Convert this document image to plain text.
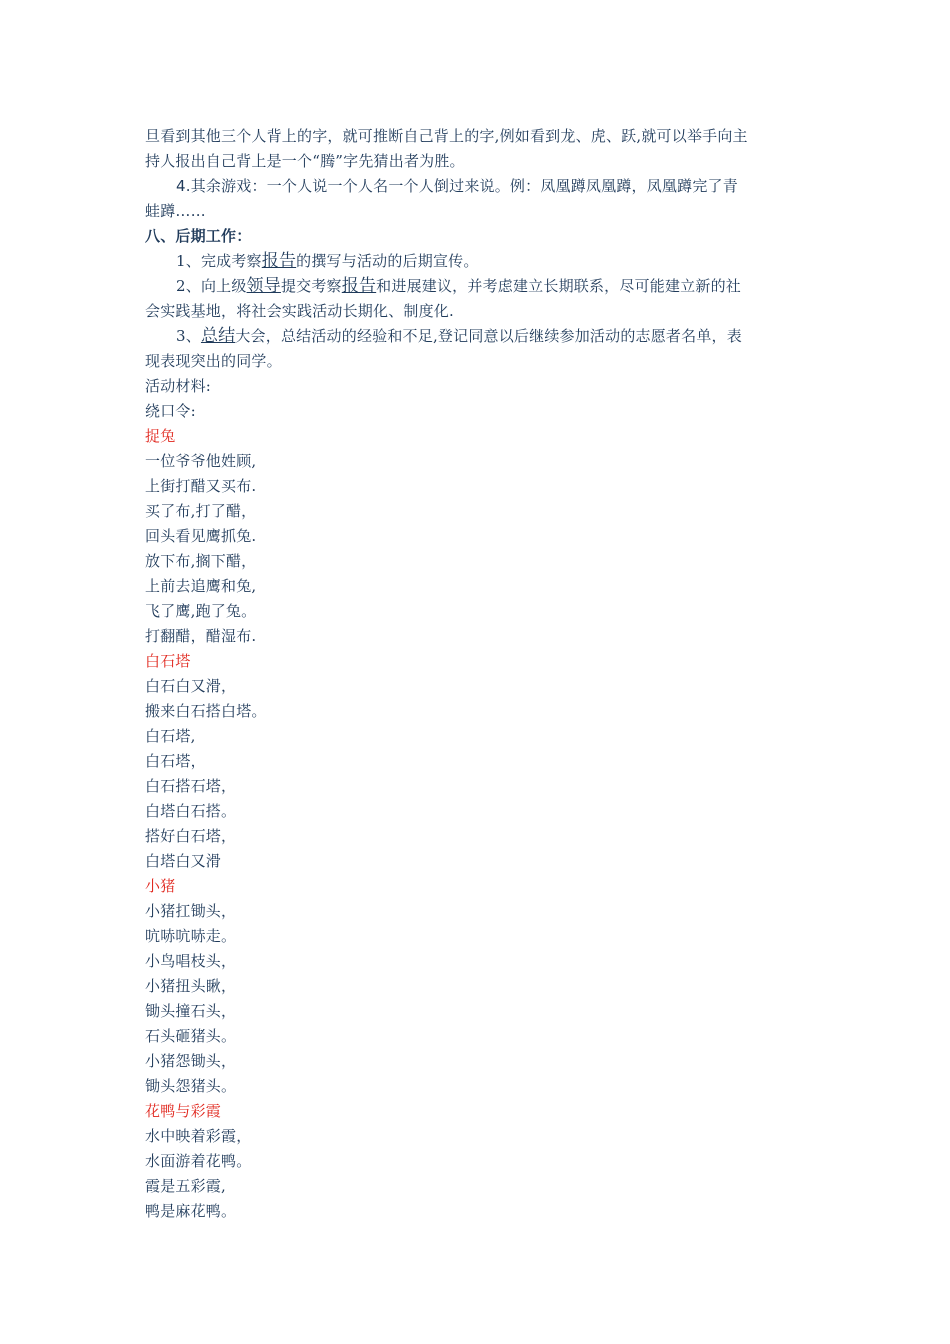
旦看到其他三个人背上的字，就可推断自己背上的字,例如看到龙、虎、跃,就可以举手向主
持人报出自己背上是一个“腾”字先猜出者为胜。
4.其余游戏：一个人说一个人名一个人倒过来说。例：凤凰蹲凤凰蹲，凤凰蹲完了青
蛙蹲……
八、后期工作：
1、完成考察报告的撰写与活动的后期宣传。
2、向上级领导提交考察报告和进展建议，并考虑建立长期联系，尽可能建立新的社
会实践基地，将社会实践活动长期化、制度化.
3、总结大会，总结活动的经验和不足,登记同意以后继续参加活动的志愿者名单，表
现表现突出的同学。
活动材料:
绕口令:
捉兔
一位爷爷他姓顾,
上街打醋又买布.
买了布,打了醋，
回头看见鹰抓兔.
放下布,搁下醋，
上前去追鹰和兔,
飞了鹰,跑了兔。
打翻醋，醋湿布.
白石塔
白石白又滑，
搬来白石搭白塔。
白石塔,
白石塔，
白石搭石塔，
白塔白石搭。
搭好白石塔，
白塔白又滑
小猪
小猪扛锄头，
吭哧吭哧走。
小鸟唱枝头，
小猪扭头瞅，
锄头撞石头，
石头砸猪头。
小猪怨锄头，
锄头怨猪头。
花鸭与彩霞
水中映着彩霞，
水面游着花鸭。
霞是五彩霞,
鸭是麻花鸭。
